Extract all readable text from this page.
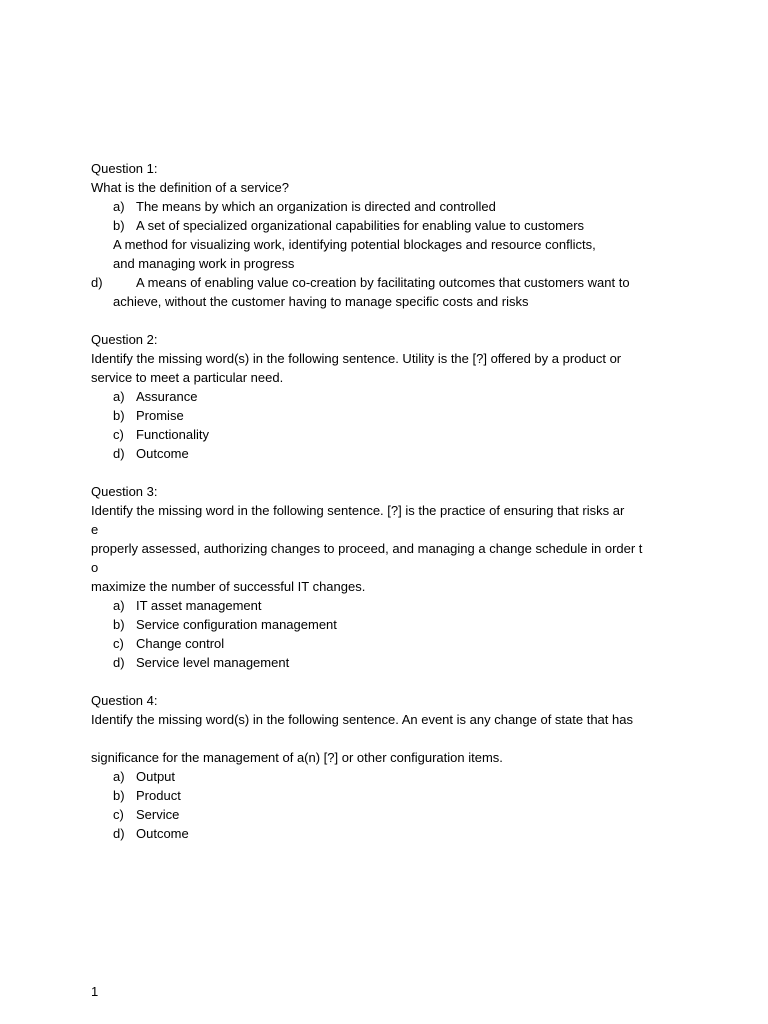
Question 1:
What is the definition of a service?
a) The means by which an organization is directed and controlled
b) A set of specialized organizational capabilities for enabling value to customers
A method for visualizing work, identifying potential blockages and resource conflicts,
and managing work in progress
d)	A means of enabling value co-creation by facilitating outcomes that customers want to
achieve, without the customer having to manage specific costs and risks
Question 2:
Identify the missing word(s) in the following sentence. Utility is the [?] offered by a product or
service to meet a particular need.
a) Assurance
b) Promise
c) Functionality
d) Outcome
Question 3:
Identify the missing word in the following sentence. [?] is the practice of ensuring that risks ar
e
properly assessed, authorizing changes to proceed, and managing a change schedule in order t
o
maximize the number of successful IT changes.
a) IT asset management
b) Service configuration management
c) Change control
d) Service level management
Question 4:
Identify the missing word(s) in the following sentence. An event is any change of state that has
significance for the management of a(n) [?] or other configuration items.
a) Output
b) Product
c) Service
d) Outcome
1
